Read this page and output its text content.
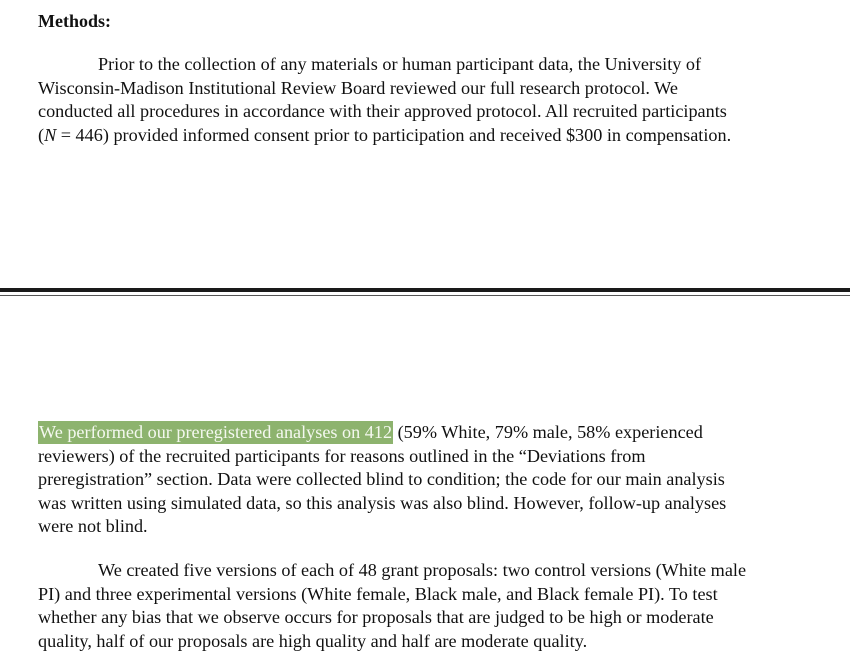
Methods:
Prior to the collection of any materials or human participant data, the University of
Wisconsin-Madison Institutional Review Board reviewed our full research protocol. We
conducted all procedures in accordance with their approved protocol. All recruited participants
(N = 446) provided informed consent prior to participation and received $300 in compensation.
We performed our preregistered analyses on 412 (59% White, 79% male, 58% experienced
reviewers) of the recruited participants for reasons outlined in the “Deviations from
preregistration” section. Data were collected blind to condition; the code for our main analysis
was written using simulated data, so this analysis was also blind. However, follow-up analyses
were not blind.
We created five versions of each of 48 grant proposals: two control versions (White male
PI) and three experimental versions (White female, Black male, and Black female PI). To test
whether any bias that we observe occurs for proposals that are judged to be high or moderate
quality, half of our proposals are high quality and half are moderate quality.
